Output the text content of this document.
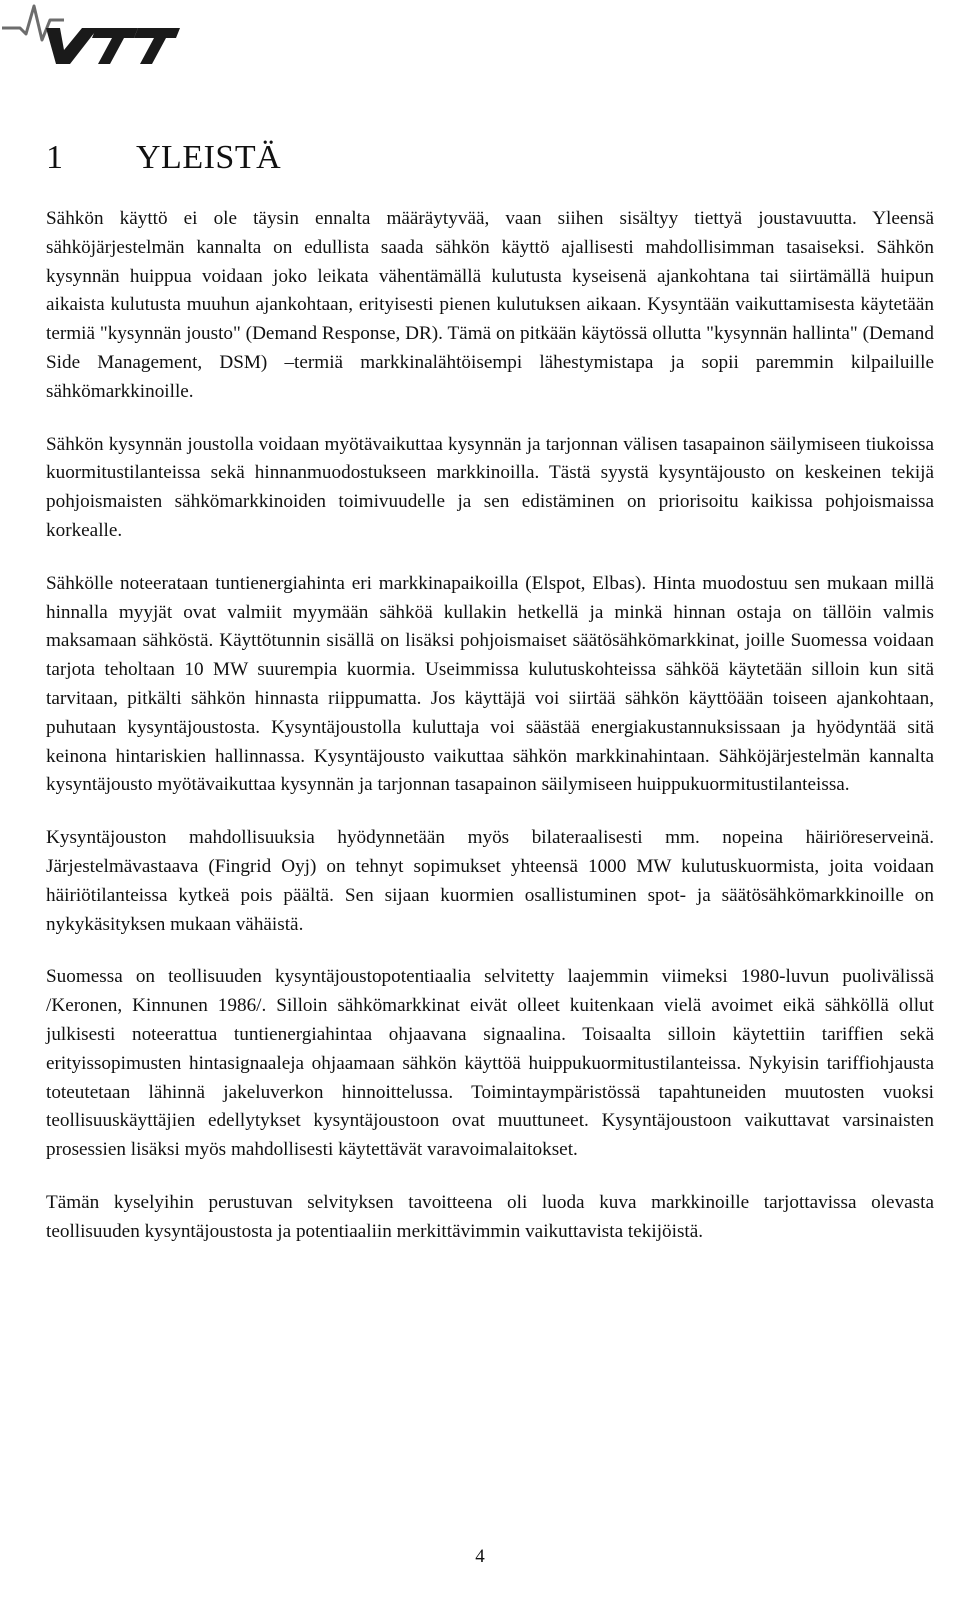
1 YLEISTÄ

Sähkön käyttö ei ole täysin ennalta määräytyvää, vaan siihen sisältyy tiettyä joustavuutta. Yleensä sähköjärjestelmän kannalta on edullista saada sähkön käyttö ajallisesti mahdollisimman tasaiseksi. Sähkön kysynnän huippua voidaan joko leikata vähentämällä kulutusta kyseisenä ajankohtana tai siirtämällä huipun aikaista kulutusta muuhun ajankohtaan, erityisesti pienen kulutuksen aikaan. Kysyntään vaikuttamisesta käytetään termiä "kysynnän jousto" (Demand Response, DR). Tämä on pitkään käytössä ollutta "kysynnän hallinta" (Demand Side Management, DSM) –termiä markkinalähtöisempi lähestymistapa ja sopii paremmin kilpailuille sähkömarkkinoille.

Sähkön kysynnän joustolla voidaan myötävaikuttaa kysynnän ja tarjonnan välisen tasapainon säilymiseen tiukoissa kuormitustilanteissa sekä hinnanmuodostukseen markkinoilla. Tästä syystä kysyntäjousto on keskeinen tekijä pohjoismaisten sähkömarkkinoiden toimivuudelle ja sen edistäminen on priorisoitu kaikissa pohjoismaissa korkealle.

Sähkölle noteerataan tuntienergiahinta eri markkinapaikoilla (Elspot, Elbas). Hinta muodostuu sen mukaan millä hinnalla myyjät ovat valmiit myymään sähköä kullakin hetkellä ja minkä hinnan ostaja on tällöin valmis maksamaan sähköstä. Käyttötunnin sisällä on lisäksi pohjoismaiset säätösähkömarkkinat, joille Suomessa voidaan tarjota teholtaan 10 MW suurempia kuormia. Useimmissa kulutuskohteissa sähköä käytetään silloin kun sitä tarvitaan, pitkälti sähkön hinnasta riippumatta. Jos käyttäjä voi siirtää sähkön käyttöään toiseen ajankohtaan, puhutaan kysyntäjoustosta. Kysyntäjoustolla kuluttaja voi säästää energiakustannuksissaan ja hyödyntää sitä keinona hintariskien hallinnassa. Kysyntäjousto vaikuttaa sähkön markkinahintaan. Sähköjärjestelmän kannalta kysyntäjousto myötävaikuttaa kysynnän ja tarjonnan tasapainon säilymiseen huippukuormitustilanteissa.

Kysyntäjouston mahdollisuuksia hyödynnetään myös bilateraalisesti mm. nopeina häiriöreserveinä. Järjestelmävastaava (Fingrid Oyj) on tehnyt sopimukset yhteensä 1000 MW kulutuskuormista, joita voidaan häiriötilanteissa kytkeä pois päältä. Sen sijaan kuormien osallistuminen spot- ja säätösähkömarkkinoille on nykykäsityksen mukaan vähäistä.

Suomessa on teollisuuden kysyntäjoustopotentiaalia selvitetty laajemmin viimeksi 1980-luvun puolivälissä /Keronen, Kinnunen 1986/. Silloin sähkömarkkinat eivät olleet kuitenkaan vielä avoimet eikä sähköllä ollut julkisesti noteerattua tuntienergiahintaa ohjaavana signaalina. Toisaalta silloin käytettiin tariffien sekä erityissopimusten hintasignaaleja ohjaamaan sähkön käyttöä huippukuormitustilanteissa. Nykyisin tariffiohjausta toteutetaan lähinnä jakeluverkon hinnoittelussa. Toimintaympäristössä tapahtuneiden muutosten vuoksi teollisuuskäyttäjien edellytykset kysyntäjoustoon ovat muuttuneet. Kysyntäjoustoon vaikuttavat varsinaisten prosessien lisäksi myös mahdollisesti käytettävät varavoimalaitokset.

Tämän kyselyihin perustuvan selvityksen tavoitteena oli luoda kuva markkinoille tarjottavissa olevasta teollisuuden kysyntäjoustosta ja potentiaaliin merkittävimmin vaikuttavista tekijöistä.

4
